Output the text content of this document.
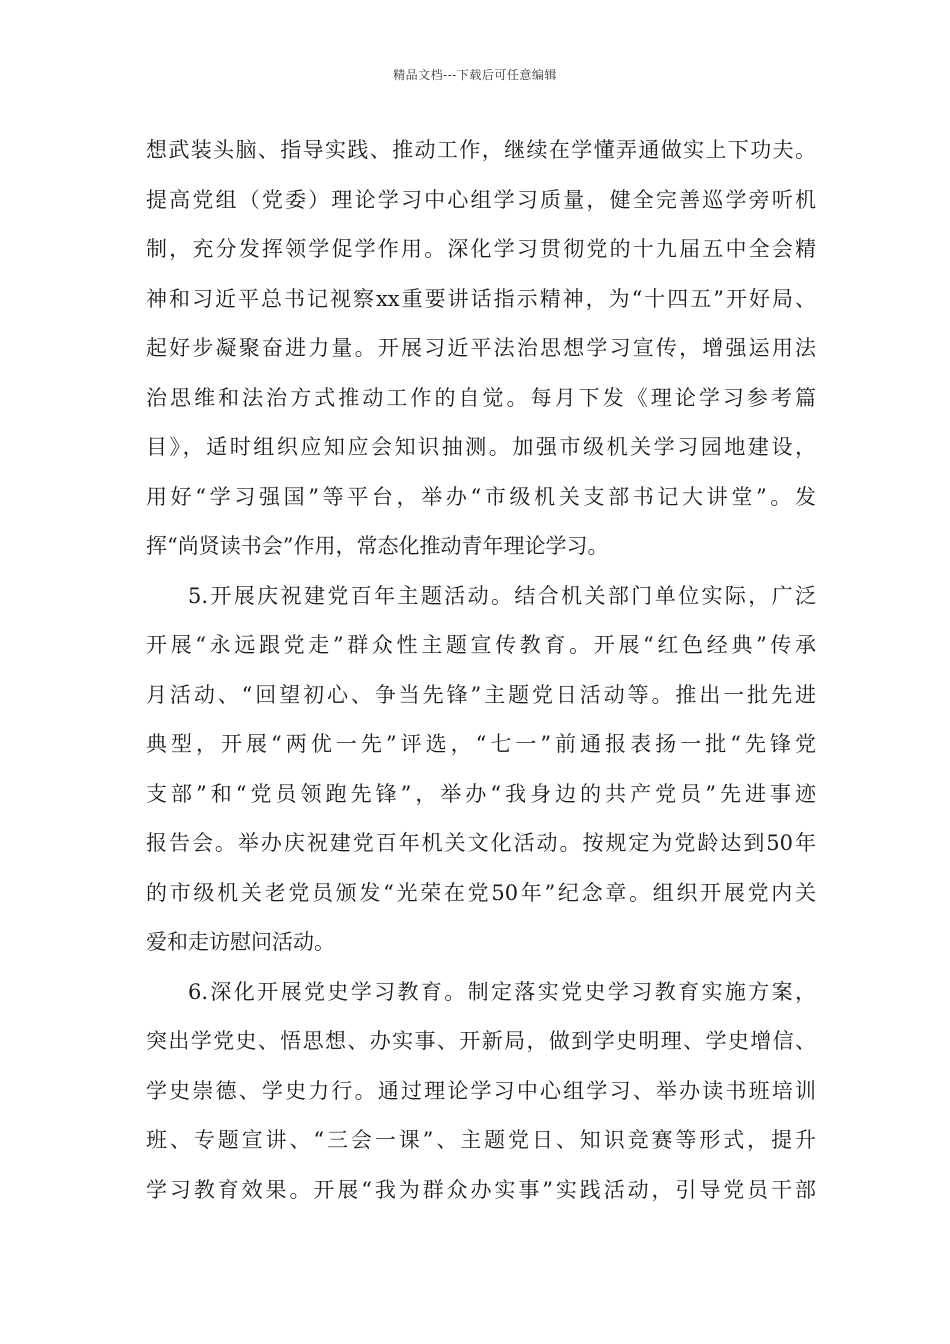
精品文档---下载后可任意编辑
想武装头脑、指导实践、推动工作，继续在学懂弄通做实上下功夫。
提高党组（党委）理论学习中心组学习质量，健全完善巡学旁听机
制，充分发挥领学促学作用。深化学习贯彻党的十九届五中全会精
神和习近平总书记视察xx重要讲话指示精神，为“十四五”开好局、
起好步凝聚奋进力量。开展习近平法治思想学习宣传，增强运用法
治思维和法治方式推动工作的自觉。每月下发《理论学习参考篇
目》，适时组织应知应会知识抽测。加强市级机关学习园地建设，
用好“学习强国”等平台，举办“市级机关支部书记大讲堂”。发
挥“尚贤读书会”作用，常态化推动青年理论学习。
5.开展庆祝建党百年主题活动。结合机关部门单位实际，广泛
开展“永远跟党走”群众性主题宣传教育。开展“红色经典”传承
月活动、“回望初心、争当先锋”主题党日活动等。推出一批先进
典型，开展“两优一先”评选，“七一”前通报表扬一批“先锋党
支部”和“党员领跑先锋”，举办“我身边的共产党员”先进事迹
报告会。举办庆祝建党百年机关文化活动。按规定为党龄达到50年
的市级机关老党员颁发“光荣在党50年”纪念章。组织开展党内关
爱和走访慰问活动。
6.深化开展党史学习教育。制定落实党史学习教育实施方案，
突出学党史、悟思想、办实事、开新局，做到学史明理、学史增信、
学史崇德、学史力行。通过理论学习中心组学习、举办读书班培训
班、专题宣讲、“三会一课”、主题党日、知识竞赛等形式，提升
学习教育效果。开展“我为群众办实事”实践活动，引导党员干部
